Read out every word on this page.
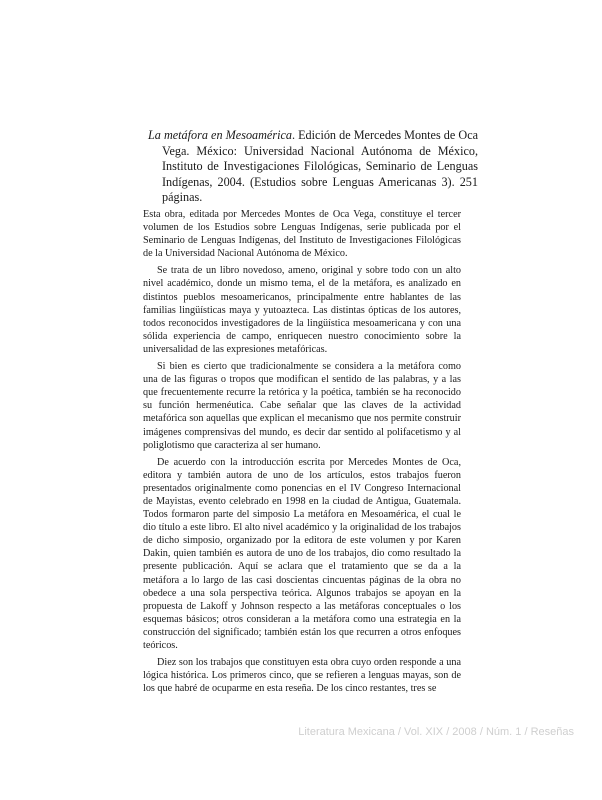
La metáfora en Mesoamérica. Edición de Mercedes Montes de Oca Vega. México: Universidad Nacional Autónoma de México, Instituto de Investigaciones Filológicas, Seminario de Lenguas Indígenas, 2004. (Estudios sobre Lenguas Americanas 3). 251 páginas.

Esta obra, editada por Mercedes Montes de Oca Vega, constituye el tercer volumen de los Estudios sobre Lenguas Indígenas, serie publicada por el Seminario de Lenguas Indígenas, del Instituto de Investigaciones Filológicas de la Universidad Nacional Autónoma de México.

Se trata de un libro novedoso, ameno, original y sobre todo con un alto nivel académico, donde un mismo tema, el de la metáfora, es analizado en distintos pueblos mesoamericanos, principalmente entre hablantes de las familias lingüísticas maya y yutoazteca. Las distintas ópticas de los autores, todos reconocidos investigadores de la lingüística mesoamericana y con una sólida experiencia de campo, enriquecen nuestro conocimiento sobre la universalidad de las expresiones metafóricas.

Si bien es cierto que tradicionalmente se considera a la metáfora como una de las figuras o tropos que modifican el sentido de las palabras, y a las que frecuentemente recurre la retórica y la poética, también se ha reconocido su función hermenéutica. Cabe señalar que las claves de la actividad metafórica son aquellas que explican el mecanismo que nos permite construir imágenes comprensivas del mundo, es decir dar sentido al polifacetismo y al poliglotismo que caracteriza al ser humano.

De acuerdo con la introducción escrita por Mercedes Montes de Oca, editora y también autora de uno de los artículos, estos trabajos fueron presentados originalmente como ponencias en el IV Congreso Internacional de Mayistas, evento celebrado en 1998 en la ciudad de Antigua, Guatemala. Todos formaron parte del simposio La metáfora en Mesoamérica, el cual le dio título a este libro. El alto nivel académico y la originalidad de los trabajos de dicho simposio, organizado por la editora de este volumen y por Karen Dakin, quien también es autora de uno de los trabajos, dio como resultado la presente publicación. Aquí se aclara que el tratamiento que se da a la metáfora a lo largo de las casi doscientas cincuentas páginas de la obra no obedece a una sola perspectiva teórica. Algunos trabajos se apoyan en la propuesta de Lakoff y Johnson respecto a las metáforas conceptuales o los esquemas básicos; otros consideran a la metáfora como una estrategia en la construcción del significado; también están los que recurren a otros enfoques teóricos.

Diez son los trabajos que constituyen esta obra cuyo orden responde a una lógica histórica. Los primeros cinco, que se refieren a lenguas mayas, son de los que habré de ocuparme en esta reseña. De los cinco restantes, tres se

Literatura Mexicana / Vol. XIX / 2008 / Núm. 1 / Reseñas
